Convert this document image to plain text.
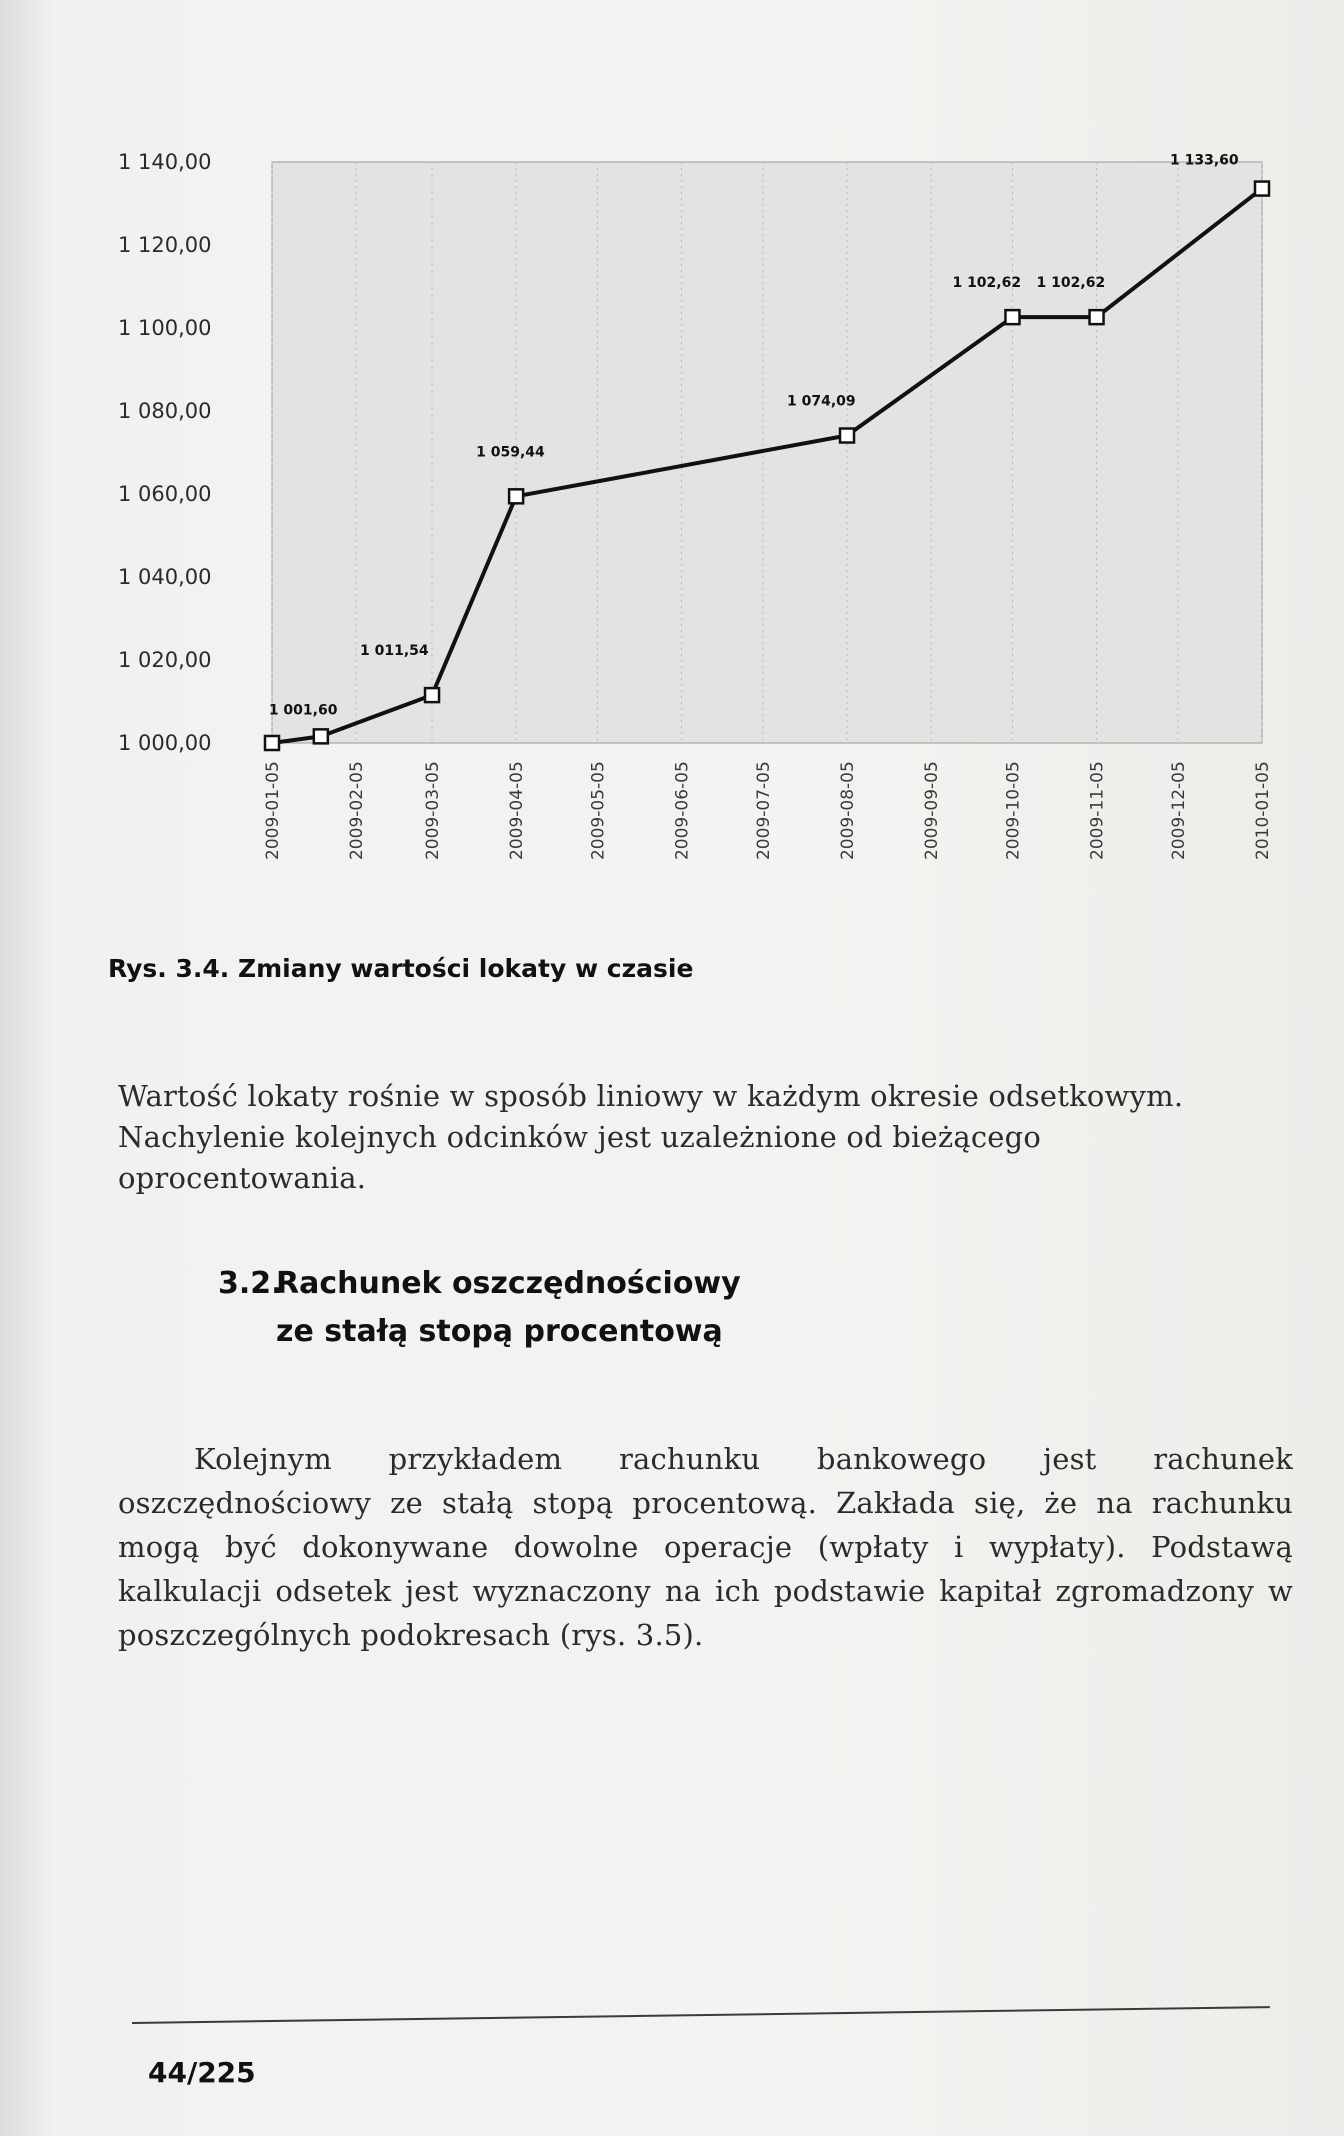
1 140,00
1 120,00
1 100,00
1 080,00
1 060,00
1 040,00
1 020,00
1 000,00
2009-01-05	2009-02-05	2009-03-05	2009-04-05	2009-05-05	2009-06-05	2009-07-05	2009-08-05	2009-09-05	2009-10-05	2009-11-05	2009-12-05	2010-01-05
1 001,60
1 011,54
1 059,44
1 074,09
1 102,62 1 102,62
1 133,60
Rys. 3.4. Zmiany wartości lokaty w czasie
Wartość lokaty rośnie w sposób liniowy w każdym okresie odsetkowym.
Nachylenie kolejnych odcinków jest uzależnione od bieżącego oprocentowania.
3.2.Rachunek oszczędnościowy
ze stałą stopą procentową
Kolejnym przykładem rachunku bankowego jest rachunek oszczędnościowy ze stałą stopą procentową. Zakłada się, że na rachunku mogą być dokonywane dowolne operacje (wpłaty i wypłaty). Podstawą kalkulacji odsetek jest wyznaczony na ich podstawie kapitał zgromadzony w poszczególnych podokresach (rys. 3.5).
44/225
